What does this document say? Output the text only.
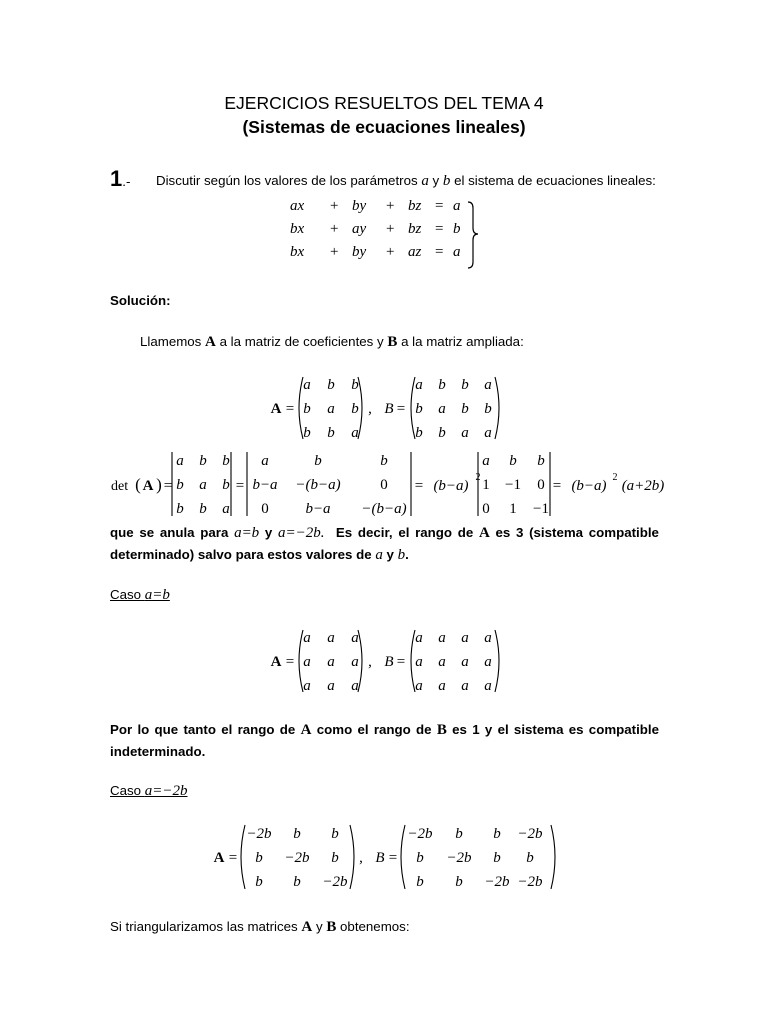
EJERCICIOS RESUELTOS DEL TEMA 4
(Sistemas de ecuaciones lineales)
1.- Discutir según los valores de los parámetros a y b el sistema de ecuaciones lineales:
ax + by + bz = a
bx + ay + bz = b
bx + by + az = a
Solución:
Llamemos A a la matriz de coeficientes y B a la matriz ampliada:
A =
a b b
b a b
b b a
, B =
a b b a
b a b b
b b a a
det ( A ) =
a b b
b a b
b b a
=
a	b	b
b−a −(b−a)	0
0 b−a −(b−a)
= (b−a)
2
a b b
1 −1 0
0 1 −1
= (b−a)
2
(a+2b)
A =
a a a
a a a
a a a
, B =
a a a a
a a a a
a a a a
A =
−2b b b
b −2b b
b b −2b
, B =
−2b b b −2b
b −2b b b
b b −2b −2b
que se anula para a=b y a=−2b. Es decir, el rango de A es 3 (sistema compatible determinado) salvo para estos valores de a y b.
Caso a=b
Por lo que tanto el rango de A como el rango de B es 1 y el sistema es compatible indeterminado.
Caso a=−2b
Si triangularizamos las matrices A y B obtenemos:
